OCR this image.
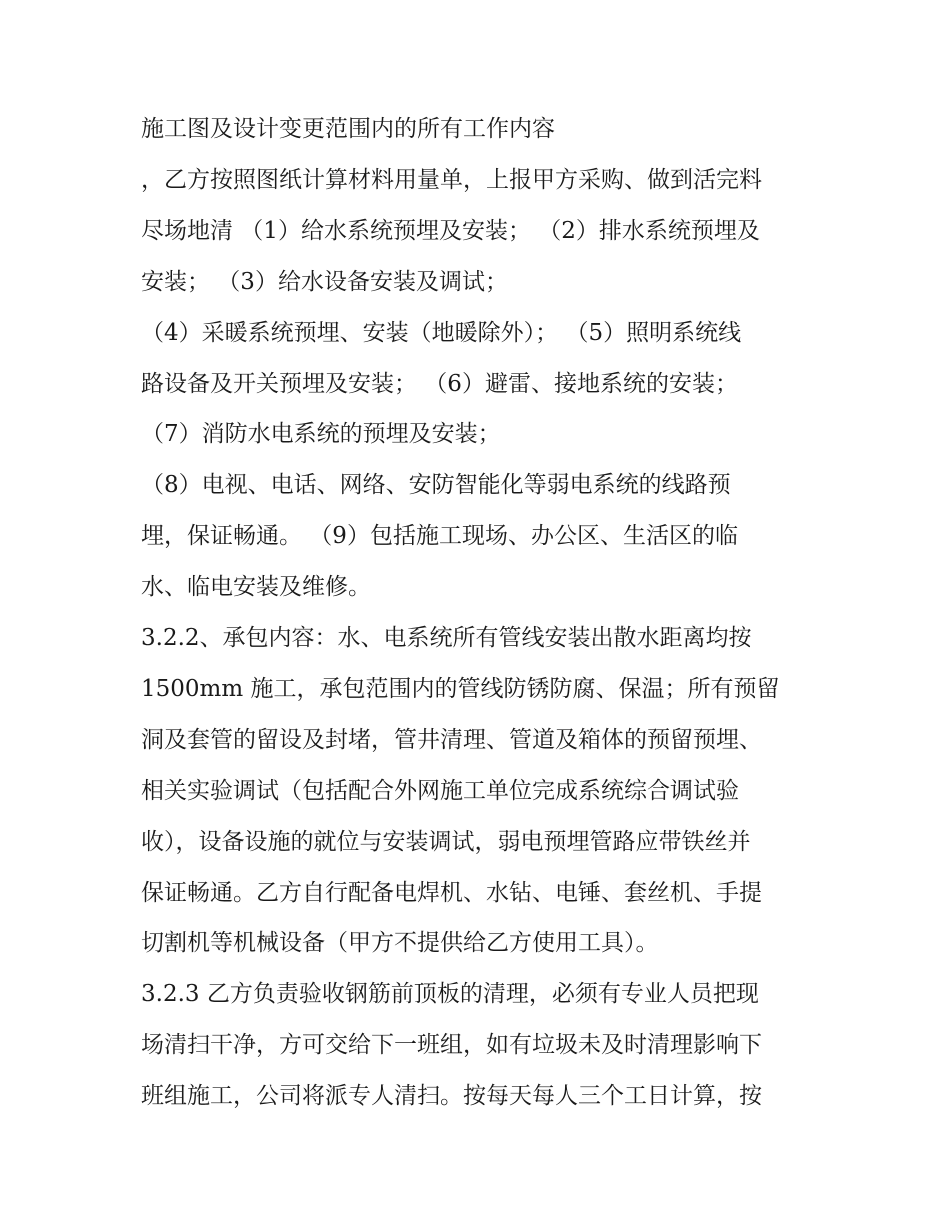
施工图及设计变更范围内的所有工作内容
，乙方按照图纸计算材料用量单，上报甲方采购、做到活完料
尽场地清 （1）给水系统预埋及安装； （2）排水系统预埋及
安装； （3）给水设备安装及调试；
（4）采暖系统预埋、安装（地暖除外）； （5）照明系统线
路设备及开关预埋及安装； （6）避雷、接地系统的安装；
（7）消防水电系统的预埋及安装；
（8）电视、电话、网络、安防智能化等弱电系统的线路预
埋，保证畅通。 （9）包括施工现场、办公区、生活区的临
水、临电安装及维修。
3.2.2、承包内容：水、电系统所有管线安装出散水距离均按
1500mm 施工，承包范围内的管线防锈防腐、保温；所有预留
洞及套管的留设及封堵，管井清理、管道及箱体的预留预埋、
相关实验调试（包括配合外网施工单位完成系统综合调试验
收），设备设施的就位与安装调试，弱电预埋管路应带铁丝并
保证畅通。乙方自行配备电焊机、水钻、电锤、套丝机、手提
切割机等机械设备（甲方不提供给乙方使用工具）。
3.2.3 乙方负责验收钢筋前顶板的清理，必须有专业人员把现
场清扫干净，方可交给下一班组，如有垃圾未及时清理影响下
班组施工，公司将派专人清扫。按每天每人三个工日计算，按
